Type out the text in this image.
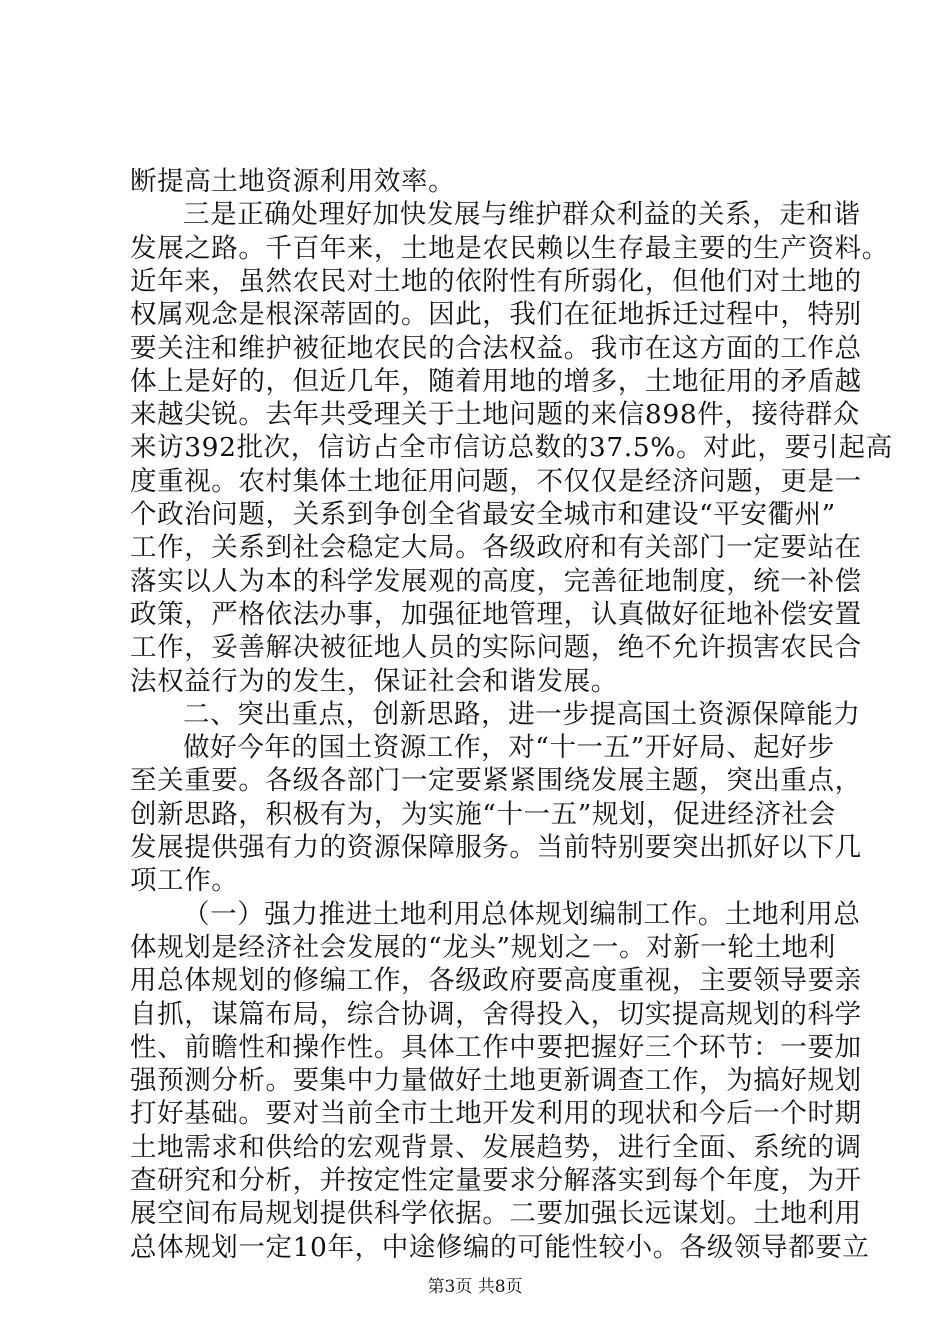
断提高土地资源利用效率。
三是正确处理好加快发展与维护群众利益的关系，走和谐
发展之路。千百年来，土地是农民赖以生存最主要的生产资料。
近年来，虽然农民对土地的依附性有所弱化，但他们对土地的
权属观念是根深蒂固的。因此，我们在征地拆迁过程中，特别
要关注和维护被征地农民的合法权益。我市在这方面的工作总
体上是好的，但近几年，随着用地的增多，土地征用的矛盾越
来越尖锐。去年共受理关于土地问题的来信898件，接待群众
来访392批次，信访占全市信访总数的37.5%。对此，要引起高
度重视。农村集体土地征用问题，不仅仅是经济问题，更是一
个政治问题，关系到争创全省最安全城市和建设“平安衢州”
工作，关系到社会稳定大局。各级政府和有关部门一定要站在
落实以人为本的科学发展观的高度，完善征地制度，统一补偿
政策，严格依法办事，加强征地管理，认真做好征地补偿安置
工作，妥善解决被征地人员的实际问题，绝不允许损害农民合
法权益行为的发生，保证社会和谐发展。
二、突出重点，创新思路，进一步提高国土资源保障能力
做好今年的国土资源工作，对“十一五”开好局、起好步
至关重要。各级各部门一定要紧紧围绕发展主题，突出重点，
创新思路，积极有为，为实施“十一五”规划，促进经济社会
发展提供强有力的资源保障服务。当前特别要突出抓好以下几
项工作。
（一）强力推进土地利用总体规划编制工作。土地利用总
体规划是经济社会发展的“龙头”规划之一。对新一轮土地利
用总体规划的修编工作，各级政府要高度重视，主要领导要亲
自抓，谋篇布局，综合协调，舍得投入，切实提高规划的科学
性、前瞻性和操作性。具体工作中要把握好三个环节：一要加
强预测分析。要集中力量做好土地更新调查工作，为搞好规划
打好基础。要对当前全市土地开发利用的现状和今后一个时期
土地需求和供给的宏观背景、发展趋势，进行全面、系统的调
查研究和分析，并按定性定量要求分解落实到每个年度，为开
展空间布局规划提供科学依据。二要加强长远谋划。土地利用
总体规划一定10年，中途修编的可能性较小。各级领导都要立
第3页 共8页
